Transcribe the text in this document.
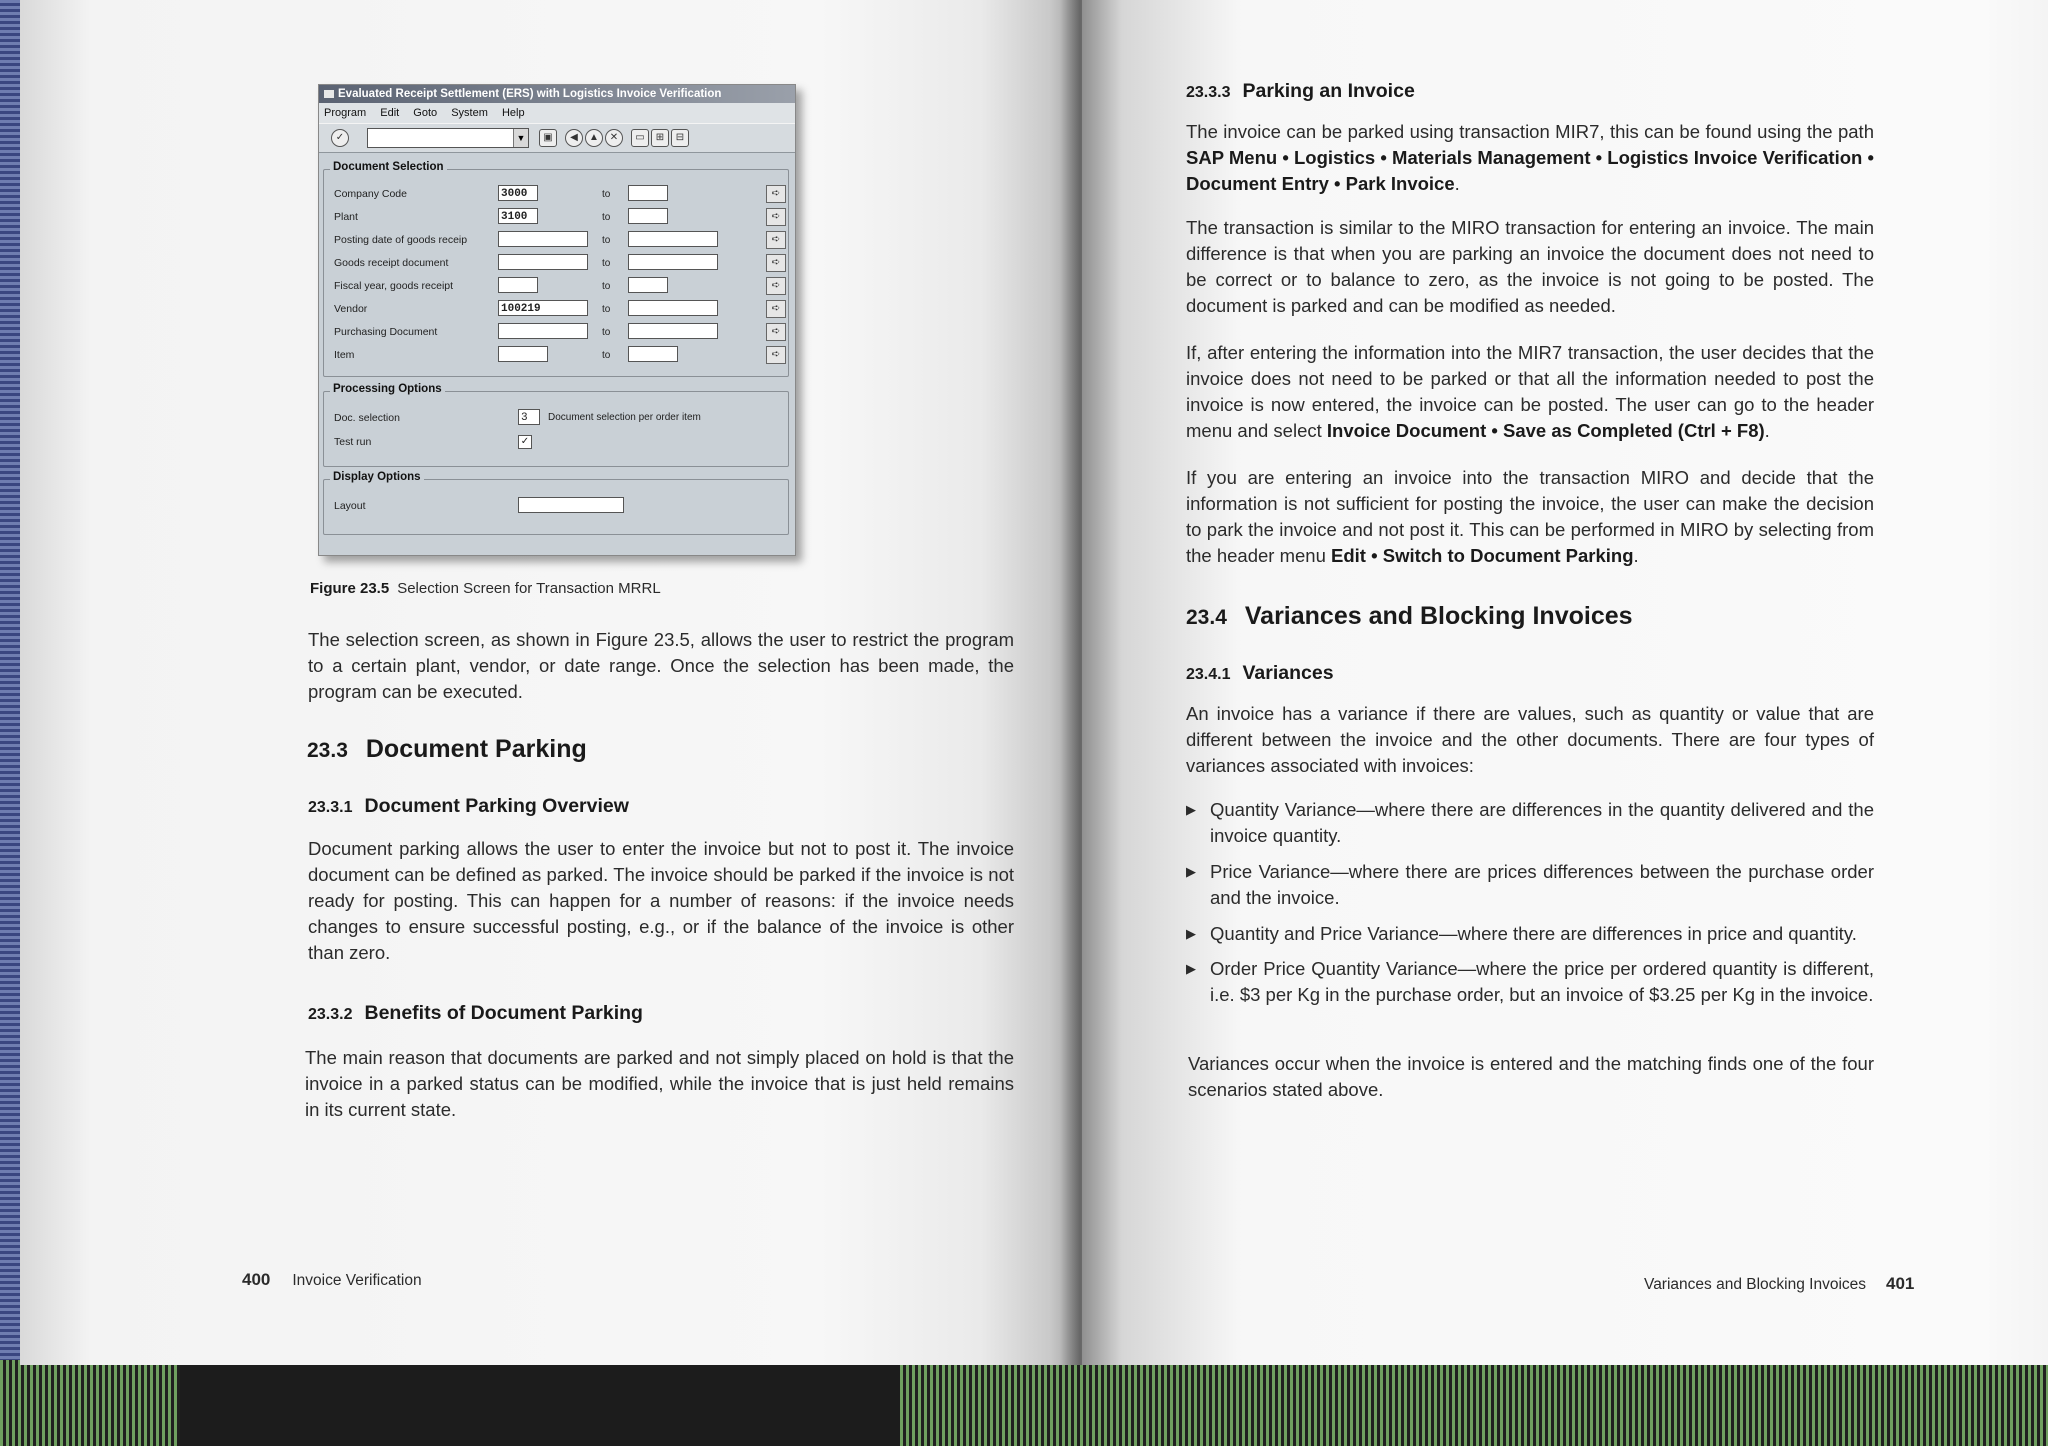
Evaluated Receipt Settlement (ERS) with Logistics Invoice Verification
Program Edit Goto System Help
✓	▼	▣	◀	▲	✕	▭	⊞	⊟
Document Selection
Company Code	3000	to	➪
Plant	3100	to	➪
Posting date of goods receip	to	➪
Goods receipt document	to	➪
Fiscal year, goods receipt	to	➪
Vendor	100219	to	➪
Purchasing Document	to	➪
Item	to	➪
Processing Options
Doc. selection	3	Document selection per order item
Test run	✓
Display Options
Layout
Figure 23.5 Selection Screen for Transaction MRRL
The selection screen, as shown in Figure 23.5, allows the user to restrict the program to a certain plant, vendor, or date range. Once the selection has been made, the program can be executed.
23.3 Document Parking
23.3.1 Document Parking Overview
Document parking allows the user to enter the invoice but not to post it. The invoice document can be defined as parked. The invoice should be parked if the invoice is not ready for posting. This can happen for a number of reasons: if the invoice needs changes to ensure successful posting, e.g., or if the balance of the invoice is other than zero.
23.3.2 Benefits of Document Parking
The main reason that documents are parked and not simply placed on hold is that the invoice in a parked status can be modified, while the invoice that is just held remains in its current state.
400 Invoice Verification
23.3.3 Parking an Invoice
The invoice can be parked using transaction MIR7, this can be found using the path SAP Menu • Logistics • Materials Management • Logistics Invoice Verification • Document Entry • Park Invoice.
The transaction is similar to the MIRO transaction for entering an invoice. The main difference is that when you are parking an invoice the document does not need to be correct or to balance to zero, as the invoice is not going to be posted. The document is parked and can be modified as needed.
If, after entering the information into the MIR7 transaction, the user decides that the invoice does not need to be parked or that all the information needed to post the invoice is now entered, the invoice can be posted. The user can go to the header menu and select Invoice Document • Save as Completed (Ctrl + F8).
If you are entering an invoice into the transaction MIRO and decide that the information is not sufficient for posting the invoice, the user can make the decision to park the invoice and not post it. This can be performed in MIRO by selecting from the header menu Edit • Switch to Document Parking.
23.4 Variances and Blocking Invoices
23.4.1 Variances
An invoice has a variance if there are values, such as quantity or value that are different between the invoice and the other documents. There are four types of variances associated with invoices:
▶ Quantity Variance—where there are differences in the quantity delivered and the invoice quantity.
▶ Price Variance—where there are prices differences between the purchase order and the invoice.
▶ Quantity and Price Variance—where there are differences in price and quantity.
▶ Order Price Quantity Variance—where the price per ordered quantity is different, i.e. $3 per Kg in the purchase order, but an invoice of $3.25 per Kg in the invoice.
Variances occur when the invoice is entered and the matching finds one of the four scenarios stated above.
Variances and Blocking Invoices 401
